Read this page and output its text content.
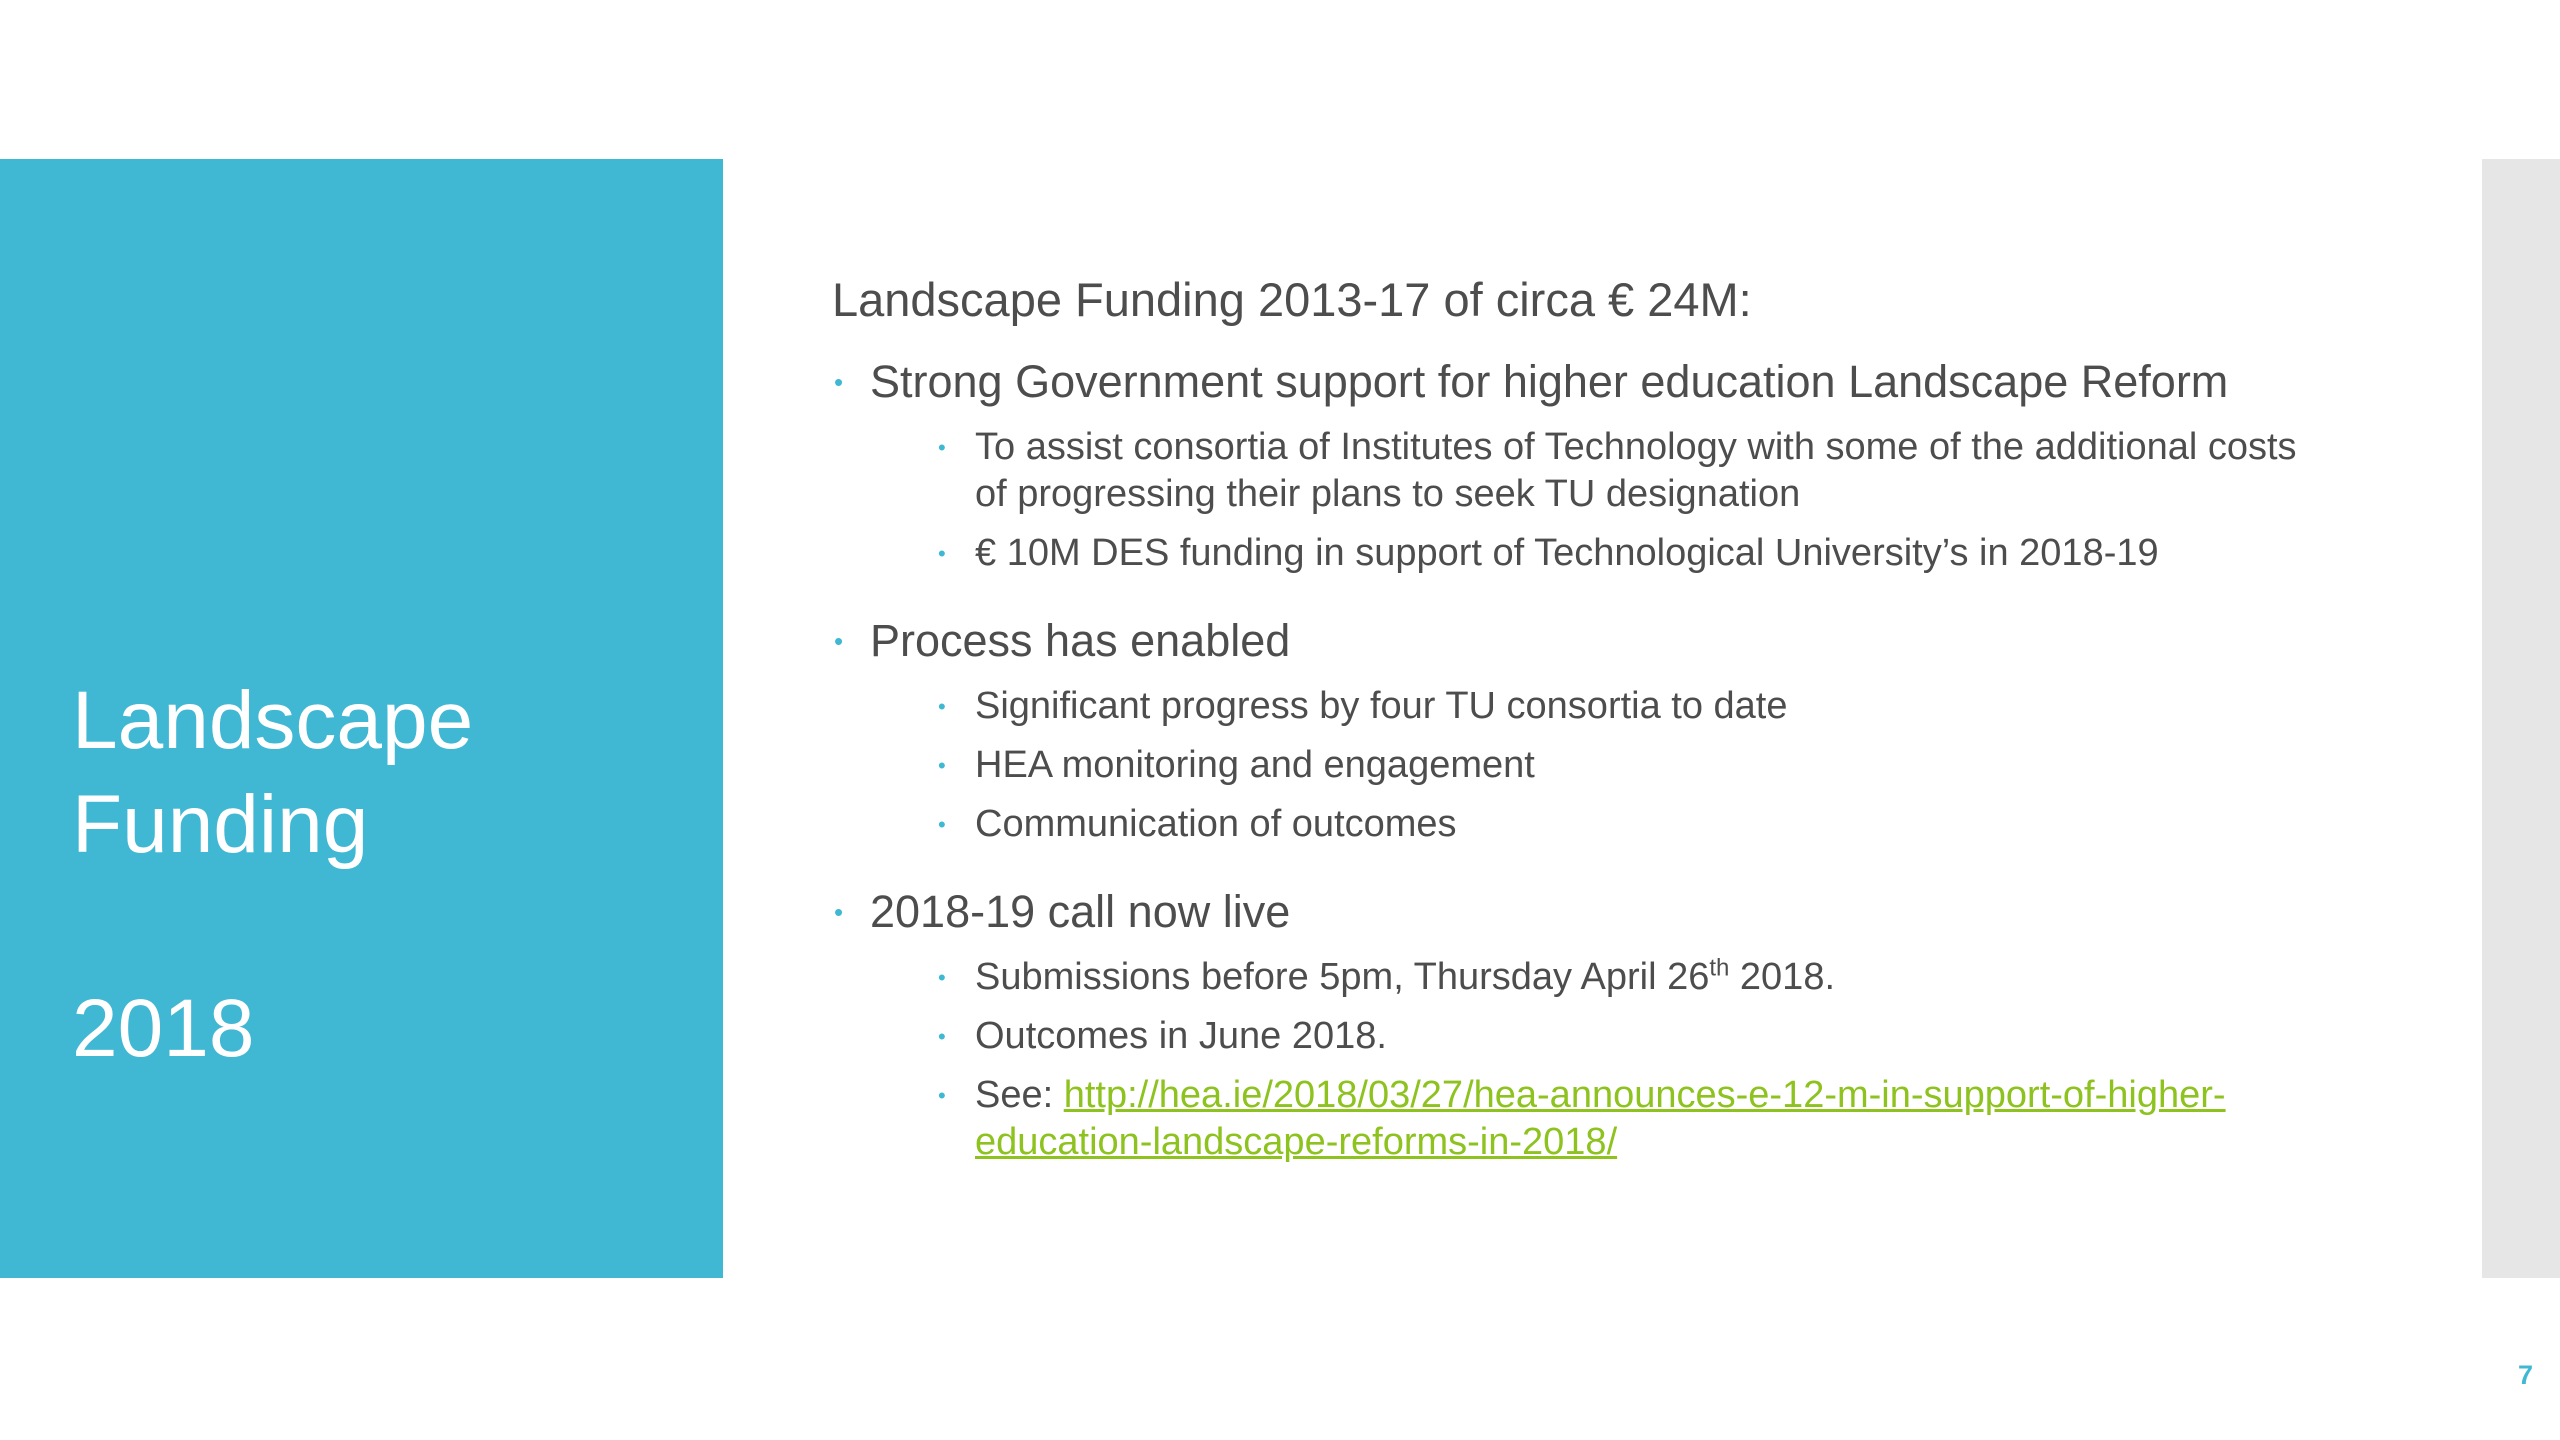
Landscape
Funding
2018
Landscape Funding 2013-17 of circa € 24M:
• Strong Government support for higher education Landscape Reform
• To assist consortia of Institutes of Technology with some of the additional costs of progressing their plans to seek TU designation
• € 10M DES funding in support of Technological University’s in 2018-19
• Process has enabled
• Significant progress by four TU consortia to date
• HEA monitoring and engagement
• Communication of outcomes
• 2018-19 call now live
• Submissions before 5pm, Thursday April 26th 2018.
• Outcomes in June 2018.
• See: http://hea.ie/2018/03/27/hea-announces-e-12-m-in-support-of-higher-education-landscape-reforms-in-2018/
7
